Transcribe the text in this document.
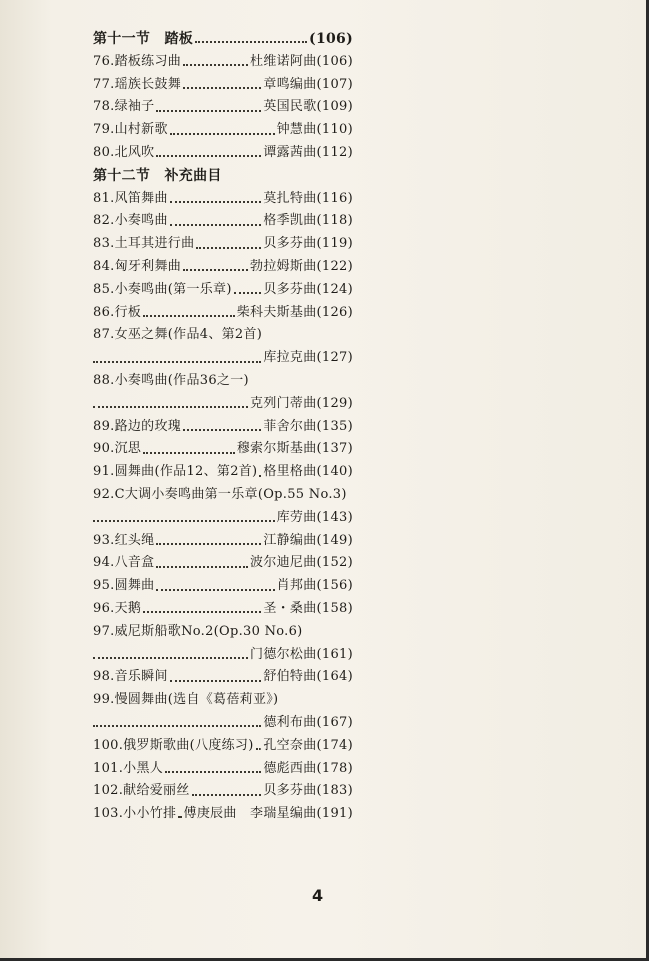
第十一节　踏板	(106)
76.踏板练习曲	杜维诺阿曲 (106)
77.瑶族长鼓舞	章鸣编曲 (107)
78.绿袖子	英国民歌 (109)
79.山村新歌	钟慧曲 (110)
80.北风吹	谭露茜曲 (112)
第十二节　补充曲目
81.风笛舞曲	莫扎特曲 (116)
82.小奏鸣曲	格季凯曲 (118)
83.土耳其进行曲	贝多芬曲 (119)
84.匈牙利舞曲	勃拉姆斯曲 (122)
85.小奏鸣曲(第一乐章) 贝多芬曲 (124)
86.行板	柴科夫斯基曲 (126)
87.女巫之舞(作品4、第2首)
库拉克曲 (127)
88.小奏鸣曲(作品36之一)
克列门蒂曲 (129)
89.路边的玫瑰	菲舍尔曲 (135)
90.沉思	穆索尔斯基曲 (137)
91.圆舞曲(作品12、第2首) 格里格曲 (140)
92.C大调小奏鸣曲第一乐章(Op.55 No.3)
库劳曲 (143)
93.红头绳	江静编曲 (149)
94.八音盒	波尔迪尼曲 (152)
95.圆舞曲	肖邦曲 (156)
96.天鹅	圣・桑曲 (158)
97.威尼斯船歌No.2(Op.30 No.6)
门德尔松曲 (161)
98.音乐瞬间	舒伯特曲 (164)
99.慢圆舞曲(选自《葛蓓莉亚》)
德利布曲 (167)
100.俄罗斯歌曲(八度练习) 孔空奈曲 (174)
101.小黑人	德彪西曲 (178)
102.献给爱丽丝	贝多芬曲 (183)
103.小小竹排 傅庚辰曲　李瑞星编曲 (191)
4
